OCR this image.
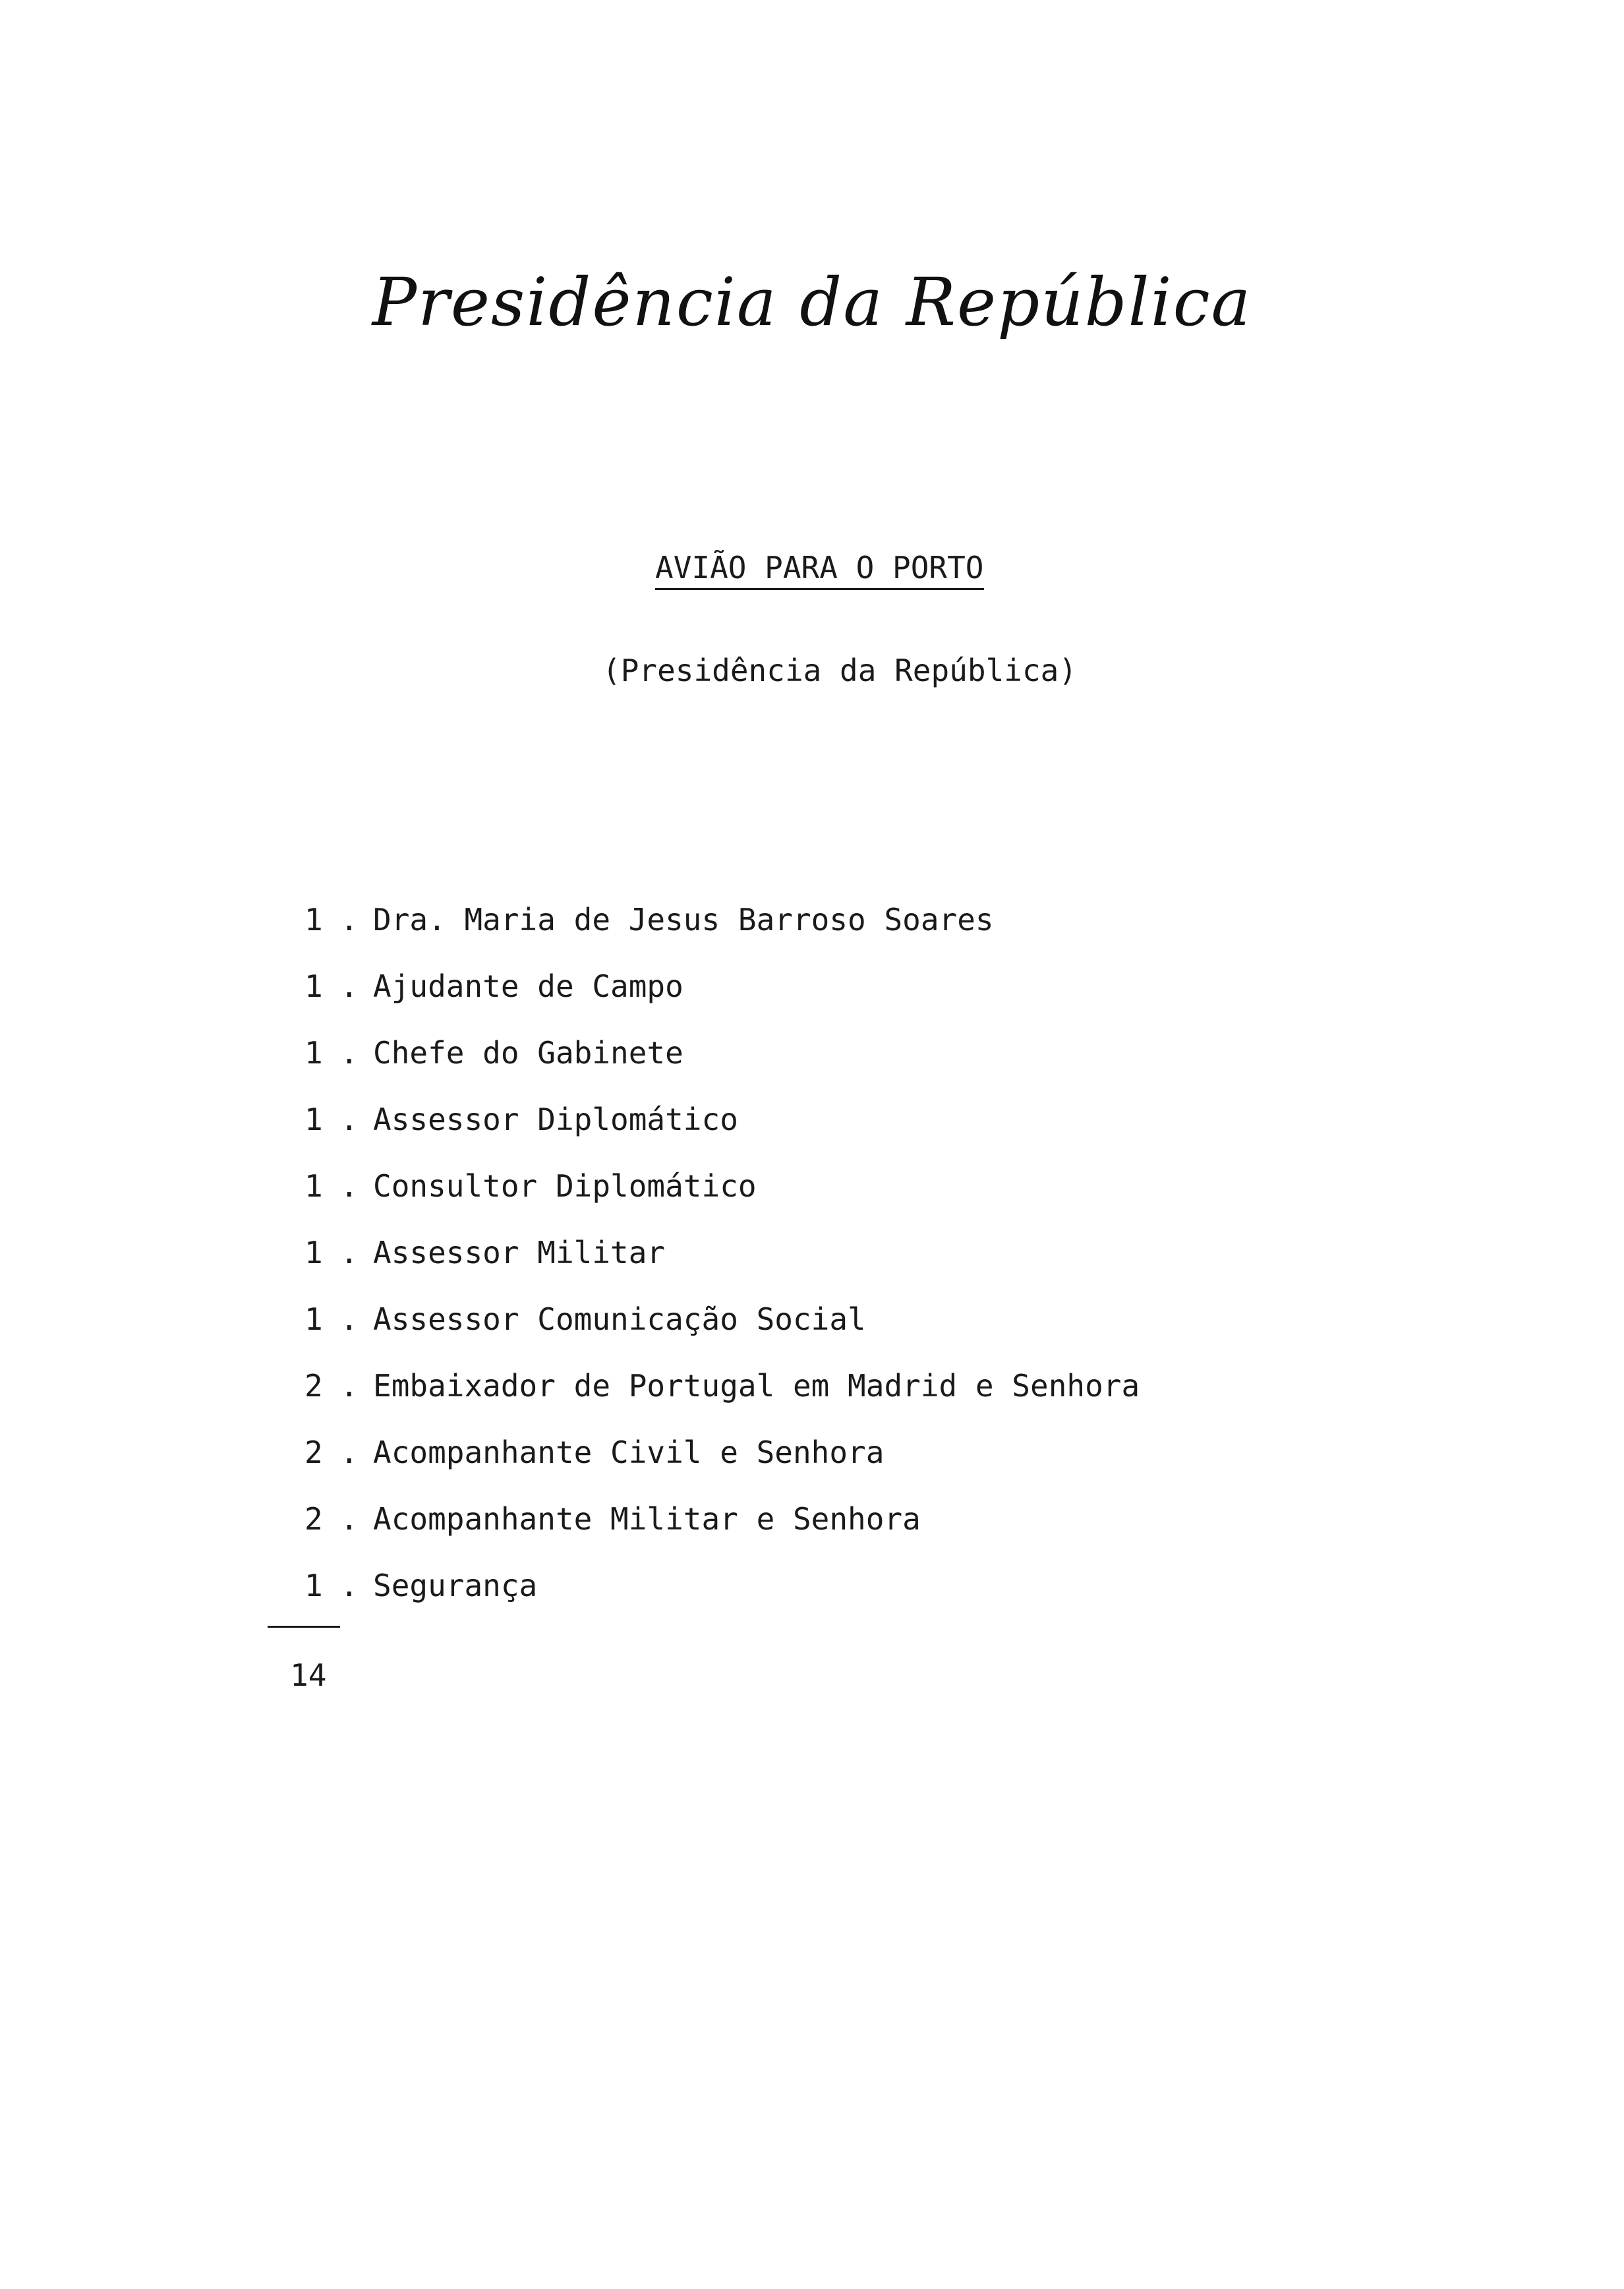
Presidência da República
AVIÃO PARA O PORTO
(Presidência da República)
1 . Dra. Maria de Jesus Barroso Soares
1 . Ajudante de Campo
1 . Chefe do Gabinete
1 . Assessor Diplomático
1 . Consultor Diplomático
1 . Assessor Militar
1 . Assessor Comunicação Social
2 . Embaixador de Portugal em Madrid e Senhora
2 . Acompanhante Civil e Senhora
2 . Acompanhante Militar e Senhora
1 . Segurança
14
